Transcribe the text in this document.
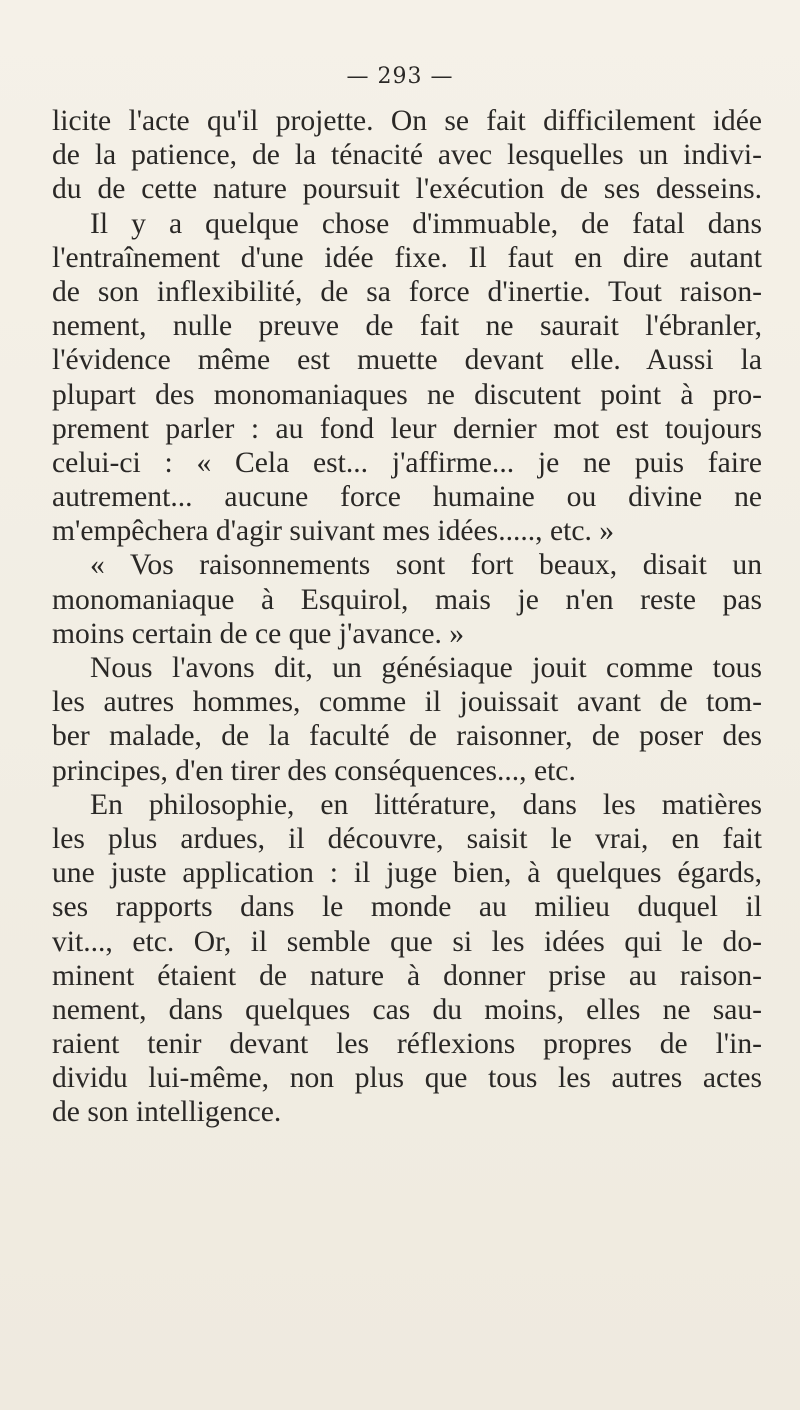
— 293 —
licite l'acte qu'il projette. On se fait difficilement idée
de la patience, de la ténacité avec lesquelles un indivi-
du de cette nature poursuit l'exécution de ses desseins.
Il y a quelque chose d'immuable, de fatal dans
l'entraînement d'une idée fixe. Il faut en dire autant
de son inflexibilité, de sa force d'inertie. Tout raison-
nement, nulle preuve de fait ne saurait l'ébranler,
l'évidence même est muette devant elle. Aussi la
plupart des monomaniaques ne discutent point à pro-
prement parler : au fond leur dernier mot est toujours
celui-ci : « Cela est... j'affirme... je ne puis faire
autrement... aucune force humaine ou divine ne
m'empêchera d'agir suivant mes idées....., etc. »
« Vos raisonnements sont fort beaux, disait un
monomaniaque à Esquirol, mais je n'en reste pas
moins certain de ce que j'avance. »
Nous l'avons dit, un génésiaque jouit comme tous
les autres hommes, comme il jouissait avant de tom-
ber malade, de la faculté de raisonner, de poser des
principes, d'en tirer des conséquences..., etc.
En philosophie, en littérature, dans les matières
les plus ardues, il découvre, saisit le vrai, en fait
une juste application : il juge bien, à quelques égards,
ses rapports dans le monde au milieu duquel il
vit..., etc. Or, il semble que si les idées qui le do-
minent étaient de nature à donner prise au raison-
nement, dans quelques cas du moins, elles ne sau-
raient tenir devant les réflexions propres de l'in-
dividu lui-même, non plus que tous les autres actes
de son intelligence.
